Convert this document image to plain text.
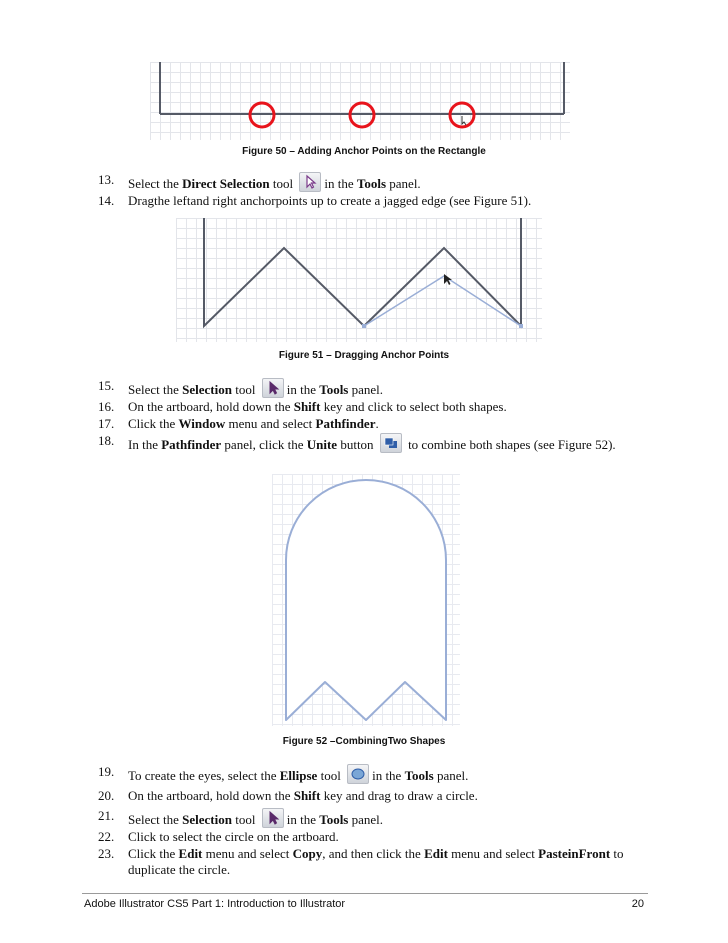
Figure 50 – Adding Anchor Points on the Rectangle
13. Select the Direct Selection tool
in the Tools panel.
14. Dragthe leftand right anchorpoints up to create a jagged edge (see Figure 51).
Figure 51 – Dragging Anchor Points
15. Select the Selection tool
in the Tools panel.
16. On the artboard, hold down the Shift key and click to select both shapes.
17. Click the Window menu and select Pathfinder.
18. In the Pathfinder panel, click the Unite button
to combine both shapes (see Figure 52).
Figure 52 –CombiningTwo Shapes
19. To create the eyes, select the Ellipse tool
in the Tools panel.
20. On the artboard, hold down the Shift key and drag to draw a circle.
21. Select the Selection tool
in the Tools panel.
22. Click to select the circle on the artboard.
23. Click the Edit menu and select Copy, and then click the Edit menu and select PasteinFront to duplicate the circle.
Adobe Illustrator CS5 Part 1: Introduction to Illustrator	20
